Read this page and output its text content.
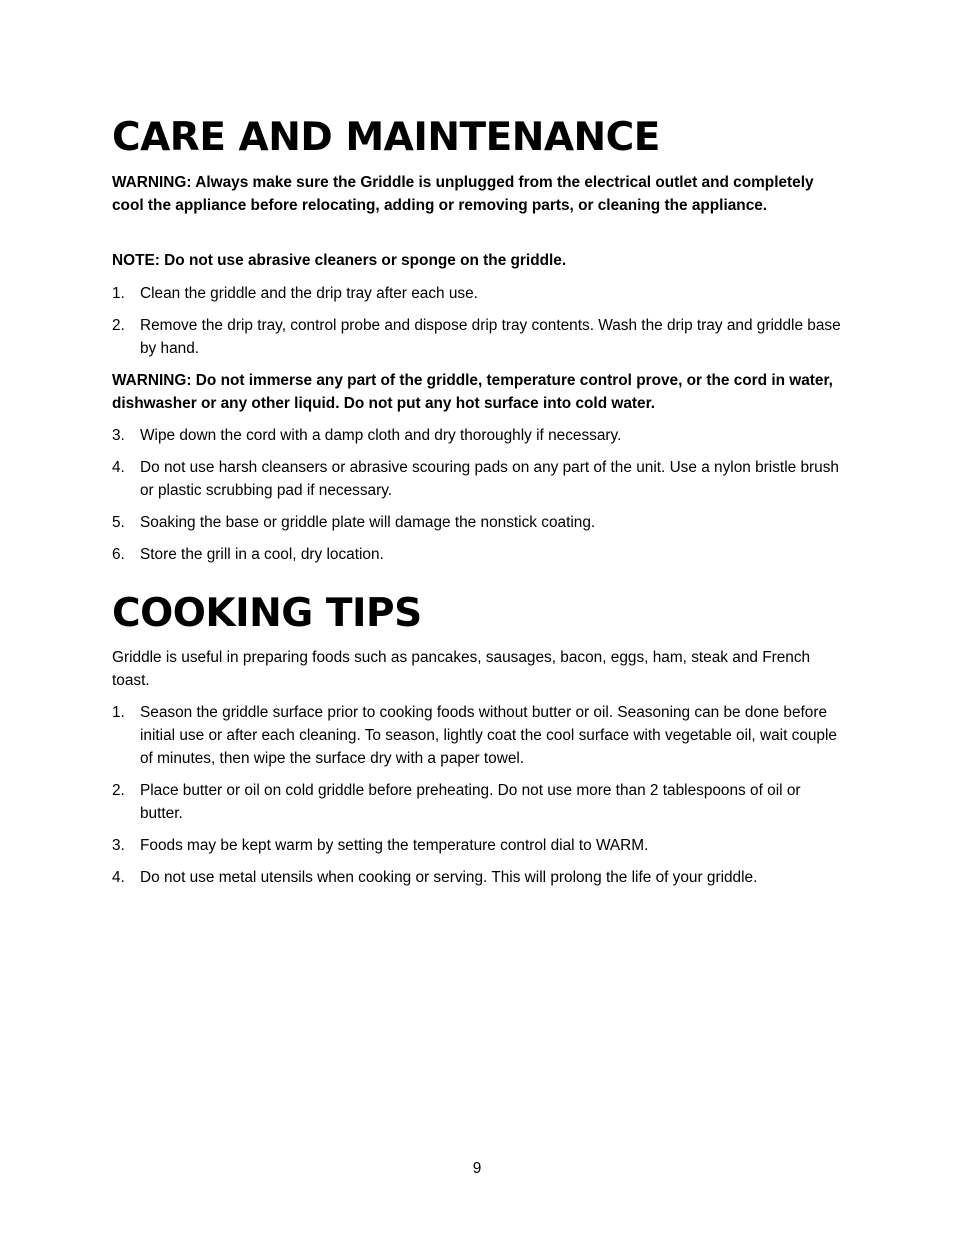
CARE AND MAINTENANCE
WARNING: Always make sure the Griddle is unplugged from the electrical outlet and completely cool the appliance before relocating, adding or removing parts, or cleaning the appliance.
NOTE: Do not use abrasive cleaners or sponge on the griddle.
1. Clean the griddle and the drip tray after each use.
2. Remove the drip tray, control probe and dispose drip tray contents. Wash the drip tray and griddle base by hand.
WARNING: Do not immerse any part of the griddle, temperature control prove, or the cord in water, dishwasher or any other liquid. Do not put any hot surface into cold water.
3. Wipe down the cord with a damp cloth and dry thoroughly if necessary.
4. Do not use harsh cleansers or abrasive scouring pads on any part of the unit. Use a nylon bristle brush or plastic scrubbing pad if necessary.
5. Soaking the base or griddle plate will damage the nonstick coating.
6. Store the grill in a cool, dry location.
COOKING TIPS
Griddle is useful in preparing foods such as pancakes, sausages, bacon, eggs, ham, steak and French toast.
1. Season the griddle surface prior to cooking foods without butter or oil. Seasoning can be done before initial use or after each cleaning. To season, lightly coat the cool surface with vegetable oil, wait couple of minutes, then wipe the surface dry with a paper towel.
2. Place butter or oil on cold griddle before preheating. Do not use more than 2 tablespoons of oil or butter.
3. Foods may be kept warm by setting the temperature control dial to WARM.
4. Do not use metal utensils when cooking or serving. This will prolong the life of your griddle.
9
